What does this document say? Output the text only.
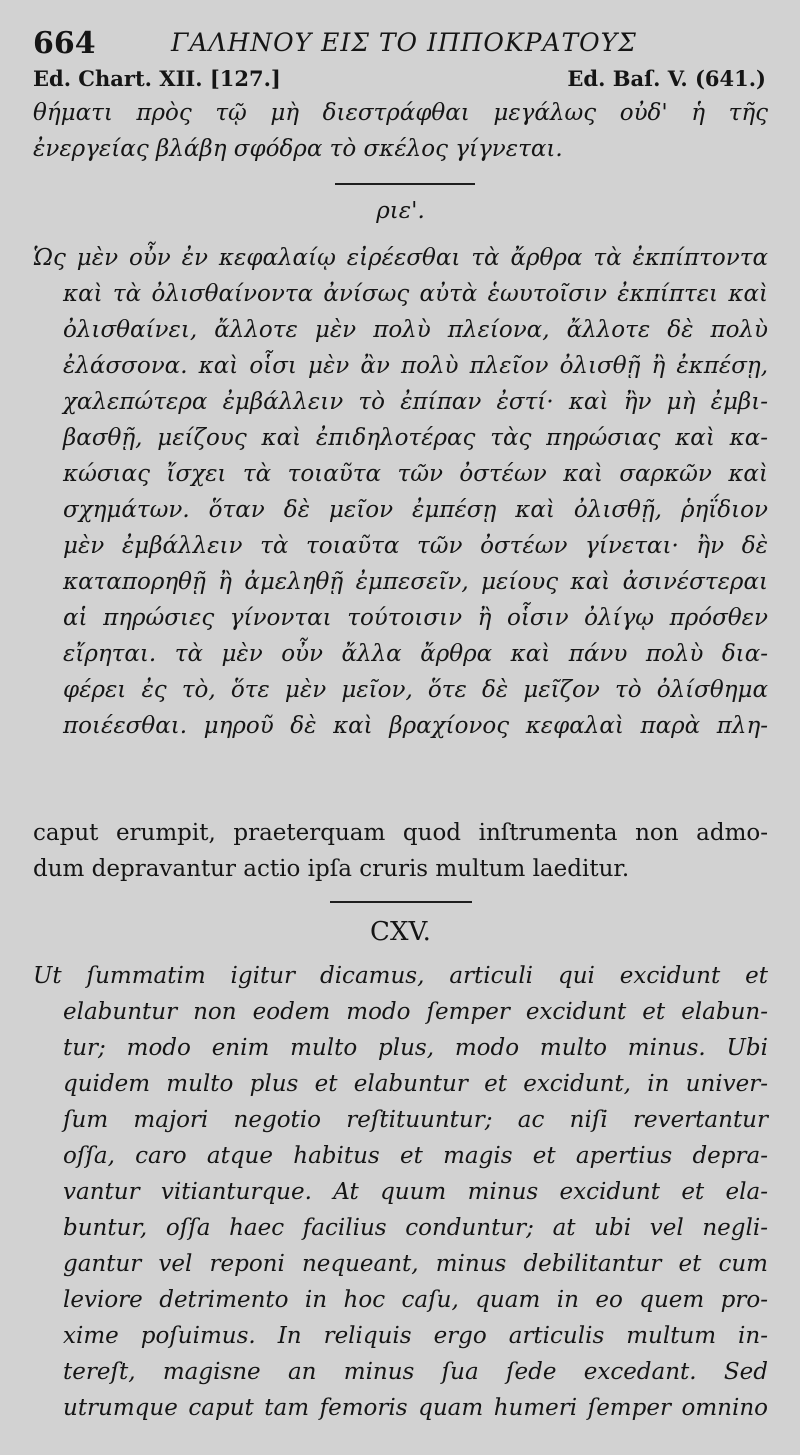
664	ΓΑΛΗΝΟΥ ΕΙΣ ΤΟ ΙΠΠΟΚΡΑΤΟΥΣ
Ed. Chart. XII. [127.]	Ed. Baſ. V. (641.)
θήματι πρὸς τῷ μὴ διεστράφθαι μεγάλως οὐδ' ἡ τῆς
ἐνεργείας βλάβη σφόδρα τὸ σκέλος γίγνεται.
ριε'.
Ὡς μὲν οὖν ἐν κεφαλαίῳ εἰρέεσθαι τὰ ἄρθρα τὰ ἐκπίπτοντα
καὶ τὰ ὀλισθαίνοντα ἀνίσως αὐτὰ ἑωυτοῖσιν ἐκπίπτει καὶ
ὀλισθαίνει, ἄλλοτε μὲν πολὺ πλείονα, ἄλλοτε δὲ πολὺ
ἐλάσσονα. καὶ οἷσι μὲν ἂν πολὺ πλεῖον ὀλισθῇ ἢ ἐκπέσῃ,
χαλεπώτερα ἐμβάλλειν τὸ ἐπίπαν ἐστί· καὶ ἢν μὴ ἐμβι-
βασθῇ, μείζους καὶ ἐπιδηλοτέρας τὰς πηρώσιας καὶ κα-
κώσιας ἴσχει τὰ τοιαῦτα τῶν ὀστέων καὶ σαρκῶν καὶ
σχημάτων. ὅταν δὲ μεῖον ἐμπέσῃ καὶ ὀλισθῇ, ῥηΐδιον
μὲν ἐμβάλλειν τὰ τοιαῦτα τῶν ὀστέων γίνεται· ἢν δὲ
καταπορηθῇ ἢ ἀμεληθῇ ἐμπεσεῖν, μείους καὶ ἀσινέστεραι
αἱ πηρώσιες γίνονται τούτοισιν ἢ οἷσιν ὀλίγῳ πρόσθεν
εἴρηται. τὰ μὲν οὖν ἄλλα ἄρθρα καὶ πάνυ πολὺ δια-
φέρει ἐς τὸ, ὅτε μὲν μεῖον, ὅτε δὲ μεῖζον τὸ ὀλίσθημα
ποιέεσθαι. μηροῦ δὲ καὶ βραχίονος κεφαλαὶ παρὰ πλη-
caput erumpit, praeterquam quod inſtrumenta non admo-
dum depravantur actio ipſa cruris multum laeditur.
CXV.
Ut ſummatim igitur dicamus, articuli qui excidunt et
elabuntur non eodem modo ſemper excidunt et elabun-
tur; modo enim multo plus, modo multo minus. Ubi
quidem multo plus et elabuntur et excidunt, in univer-
ſum majori negotio reſtituuntur; ac niſi revertantur
oſſa, caro atque habitus et magis et apertius depra-
vantur vitianturque. At quum minus excidunt et ela-
buntur, oſſa haec facilius conduntur; at ubi vel negli-
gantur vel reponi nequeant, minus debilitantur et cum
leviore detrimento in hoc caſu, quam in eo quem pro-
xime poſuimus. In reliquis ergo articulis multum in-
tereſt, magisne an minus ſua ſede excedant. Sed
utrumque caput tam femoris quam humeri ſemper omnino
